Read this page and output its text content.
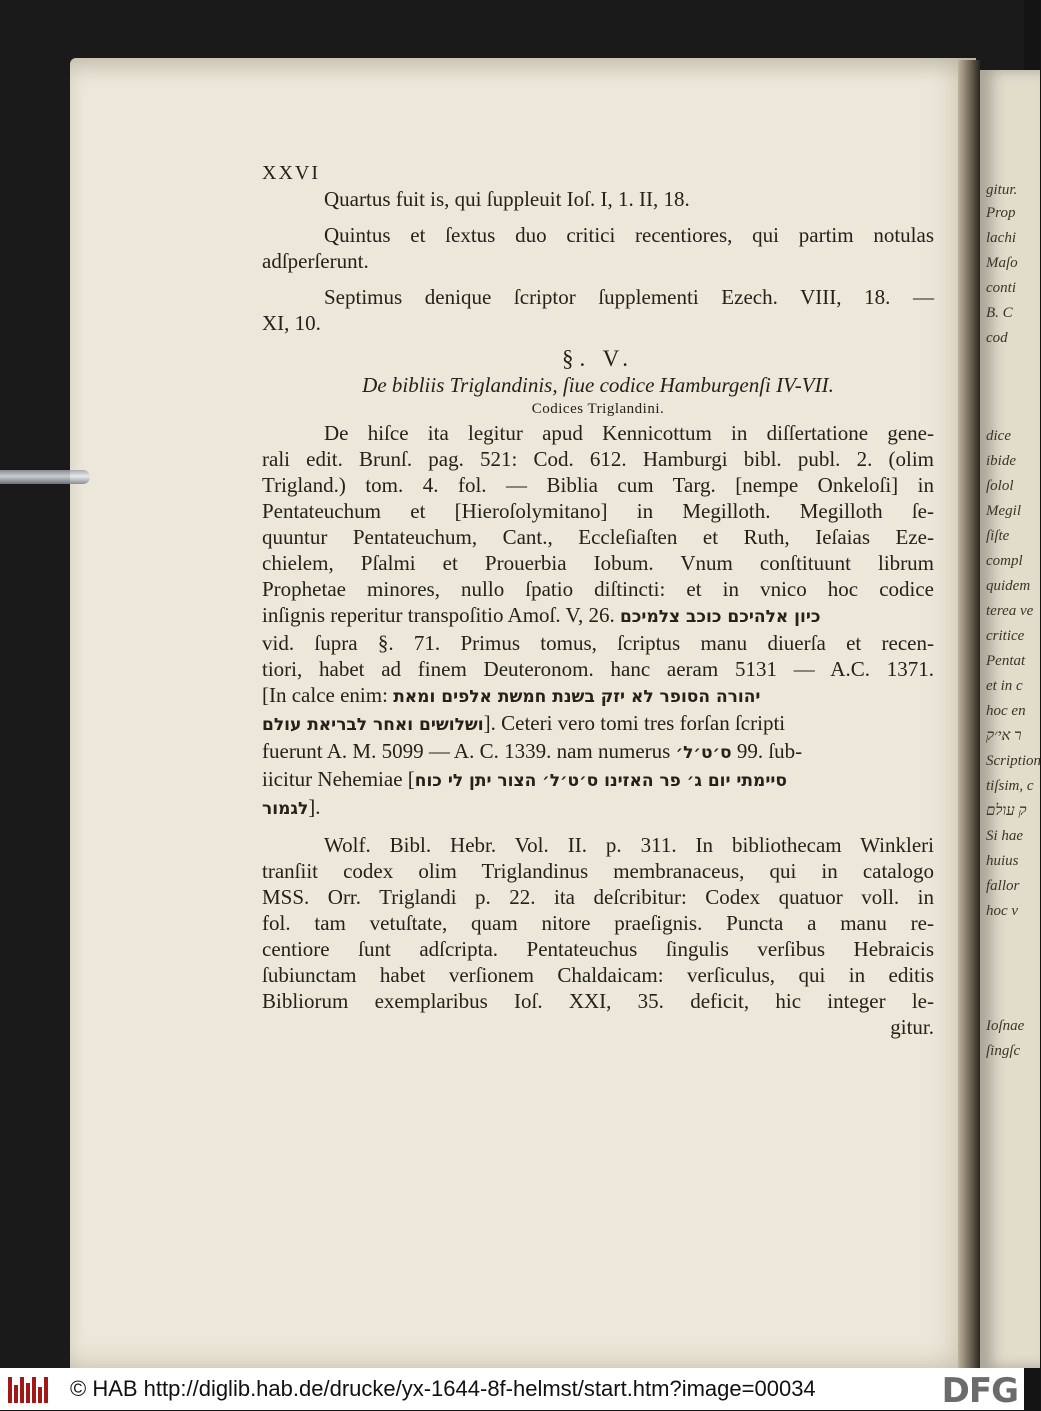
gitur.
Prop
lachi
Maſo
conti
B. C
cod
dice
ibide
ſolol
Megil
ſiſte
compl
quidem
terea ve
critice
Pentat
et in c
hoc en
ר אי׳ק
Scription
tiſsim, c
ק עולם
Si hae
huius
fallor
hoc v
Ioſnae
ſingſc
XXVI
Quartus fuit is, qui ſuppleuit Ioſ. I, 1. II, 18.
Quintus et ſextus duo critici recentiores, qui partim notulas
adſperſerunt.
Septimus denique ſcriptor ſupplementi Ezech. VIII, 18. —
XI, 10.
§. V.
De bibliis Triglandinis, ſiue codice Hamburgenſi IV-VII.
Codices Triglandini.
De hiſce ita legitur apud Kennicottum in diſſertatione gene-
rali edit. Brunſ. pag. 521: Cod. 612. Hamburgi bibl. publ. 2. (olim
Trigland.) tom. 4. fol. — Biblia cum Targ. [nempe Onkeloſi] in
Pentateuchum et [Hieroſolymitano] in Megilloth. Megilloth ſe-
quuntur Pentateuchum, Cant., Eccleſiaſten et Ruth, Ieſaias Eze-
chielem, Pſalmi et Prouerbia Iobum. Vnum conſtituunt librum
Prophetae minores, nullo ſpatio diſtincti: et in vnico hoc codice
inſignis reperitur transpoſitio Amoſ. V, 26. כיון אלהיכם כוכב צלמיכם
vid. ſupra §. 71. Primus tomus, ſcriptus manu diuerſa et recen-
tiori, habet ad finem Deuteronom. hanc aeram 5131 — A.C. 1371.
[In calce enim: יהורה הסופר לא יזק בשנת חמשת אלפים ומאת
ושלושים ואחר לבריאת עולם]. Ceteri vero tomi tres forſan ſcripti
fuerunt A. M. 5099 — A. C. 1339. nam numerus ס׳ט׳ל׳ 99. ſub-
iicitur Nehemiae [סיימתי יום ג׳ פר האזינו ס׳ט׳ל׳ הצור יתן לי כוח
לגמור].
Wolf. Bibl. Hebr. Vol. II. p. 311. In bibliothecam Winkleri
tranſiit codex olim Triglandinus membranaceus, qui in catalogo
MSS. Orr. Triglandi p. 22. ita deſcribitur: Codex quatuor voll. in
fol. tam vetuſtate, quam nitore praeſignis. Puncta a manu re-
centiore ſunt adſcripta. Pentateuchus ſingulis verſibus Hebraicis
ſubiunctam habet verſionem Chaldaicam: verſiculus, qui in editis
Bibliorum exemplaribus Ioſ. XXI, 35. deficit, hic integer le-
gitur.
© HAB http://diglib.hab.de/drucke/yx-1644-8f-helmst/start.htm?image=00034	DFG
